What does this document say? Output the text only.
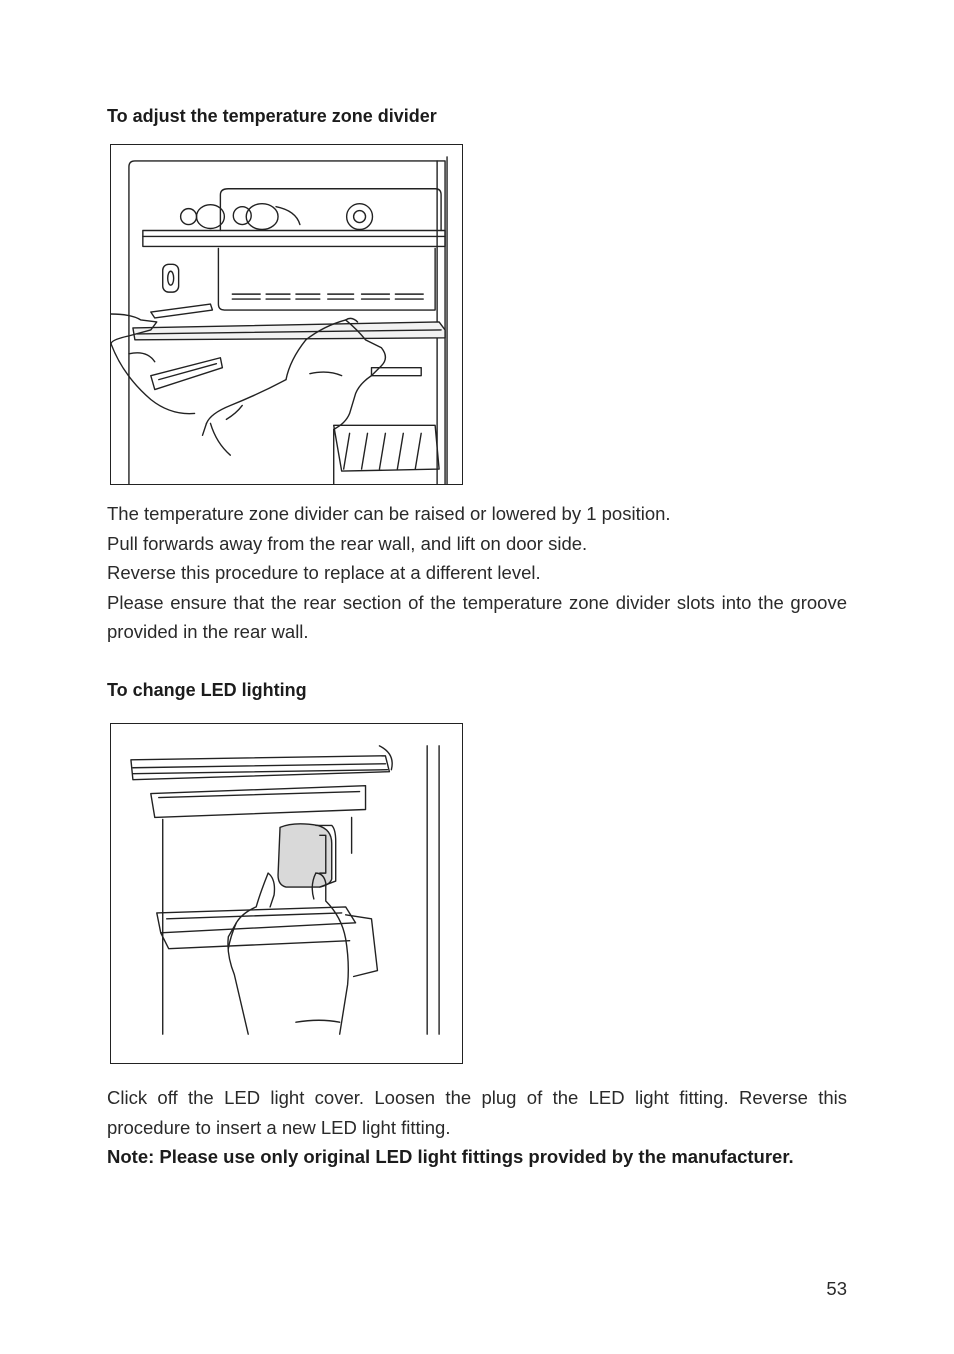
To adjust the temperature zone divider

The temperature zone divider can be raised or lowered by 1 position.
Pull forwards away from the rear wall, and lift on door side.
Reverse this procedure to replace at a different level.
Please ensure that the rear section of the temperature zone divider slots into the groove provided in the rear wall.

To change LED lighting

Click off the LED light cover. Loosen the plug of the LED light fitting. Reverse this procedure to insert a new LED light fitting.
Note: Please use only original LED light fittings provided by the manufacturer.

53
